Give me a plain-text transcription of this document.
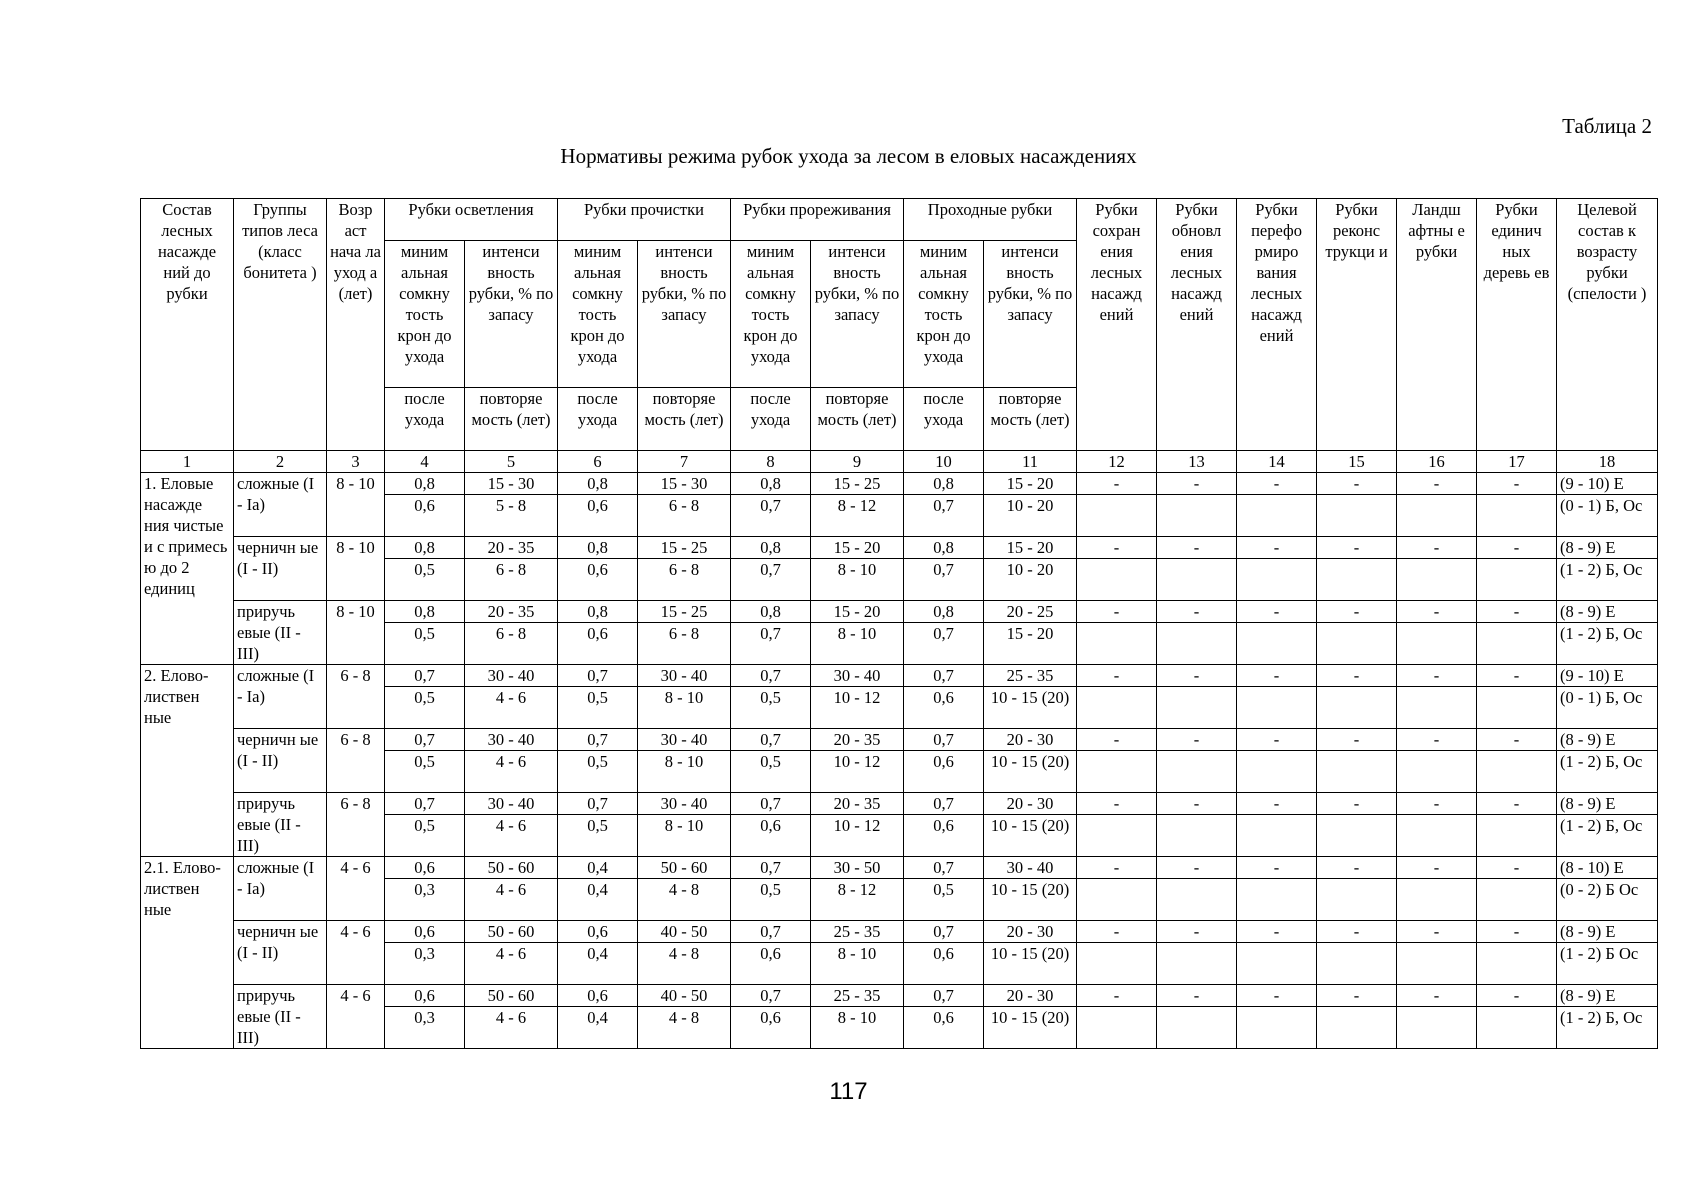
Таблица 2
Нормативы режима рубок ухода за лесом в еловых насаждениях
Состав лесных насажде ний до рубки	Группы типов леса (класс бонитета )	Возр аст нача ла уход а (лет)	Рубки осветления		Рубки прочистки		Рубки прореживания		Проходные рубки		Рубки сохран ения лесных насажд ений	Рубки обновл ения лесных насажд ений	Рубки перефо рмиро вания лесных насажд ений	Рубки реконс трукци и	Ландш афтны е рубки	Рубки единич ных деревь ев	Целевой состав к возрасту рубки (спелости )
			миним альная сомкну тость крон до ухода	интенси вность рубки, % по запасу	миним альная сомкну тость крон до ухода	интенси вность рубки, % по запасу	миним альная сомкну тость крон до ухода	интенси вность рубки, % по запасу	миним альная сомкну тость крон до ухода	интенси вность рубки, % по запасу							
			после ухода	повторяе мость (лет)	после ухода	повторяе мость (лет)	после ухода	повторяе мость (лет)	после ухода	повторяе мость (лет)							
1	2	3	4	5	6	7	8	9	10	11	12	13	14	15	16	17	18
1. Еловые насажде ния чистые и с примесь ю до 2 единиц	сложные (I - Ia)	8 - 10	0,8	15 - 30	0,8	15 - 30	0,8	15 - 25	0,8	15 - 20	-	-	-	-	-	-	(9 - 10) Е
			0,6	5 - 8	0,6	6 - 8	0,7	8 - 12	0,7	10 - 20							(0 - 1) Б, Ос
	черничн ые (I - II)	8 - 10	0,8	20 - 35	0,8	15 - 25	0,8	15 - 20	0,8	15 - 20	-	-	-	-	-	-	(8 - 9) Е
			0,5	6 - 8	0,6	6 - 8	0,7	8 - 10	0,7	10 - 20							(1 - 2) Б, Ос
	приручь евые (II - III)	8 - 10	0,8	20 - 35	0,8	15 - 25	0,8	15 - 20	0,8	20 - 25	-	-	-	-	-	-	(8 - 9) Е
			0,5	6 - 8	0,6	6 - 8	0,7	8 - 10	0,7	15 - 20							(1 - 2) Б, Ос
2. Елово- листвен ные	сложные (I - Ia)	6 - 8	0,7	30 - 40	0,7	30 - 40	0,7	30 - 40	0,7	25 - 35	-	-	-	-	-	-	(9 - 10) Е
			0,5	4 - 6	0,5	8 - 10	0,5	10 - 12	0,6	10 - 15 (20)							(0 - 1) Б, Ос
	черничн ые (I - II)	6 - 8	0,7	30 - 40	0,7	30 - 40	0,7	20 - 35	0,7	20 - 30	-	-	-	-	-	-	(8 - 9) Е
			0,5	4 - 6	0,5	8 - 10	0,5	10 - 12	0,6	10 - 15 (20)							(1 - 2) Б, Ос
	приручь евые (II - III)	6 - 8	0,7	30 - 40	0,7	30 - 40	0,7	20 - 35	0,7	20 - 30	-	-	-	-	-	-	(8 - 9) Е
			0,5	4 - 6	0,5	8 - 10	0,6	10 - 12	0,6	10 - 15 (20)							(1 - 2) Б, Ос
2.1. Елово- листвен ные	сложные (I - Ia)	4 - 6	0,6	50 - 60	0,4	50 - 60	0,7	30 - 50	0,7	30 - 40	-	-	-	-	-	-	(8 - 10) Е
			0,3	4 - 6	0,4	4 - 8	0,5	8 - 12	0,5	10 - 15 (20)							(0 - 2) Б Ос
	черничн ые (I - II)	4 - 6	0,6	50 - 60	0,6	40 - 50	0,7	25 - 35	0,7	20 - 30	-	-	-	-	-	-	(8 - 9) Е
			0,3	4 - 6	0,4	4 - 8	0,6	8 - 10	0,6	10 - 15 (20)							(1 - 2) Б Ос
	приручь евые (II - III)	4 - 6	0,6	50 - 60	0,6	40 - 50	0,7	25 - 35	0,7	20 - 30	-	-	-	-	-	-	(8 - 9) Е
			0,3	4 - 6	0,4	4 - 8	0,6	8 - 10	0,6	10 - 15 (20)							(1 - 2) Б, Ос
117
